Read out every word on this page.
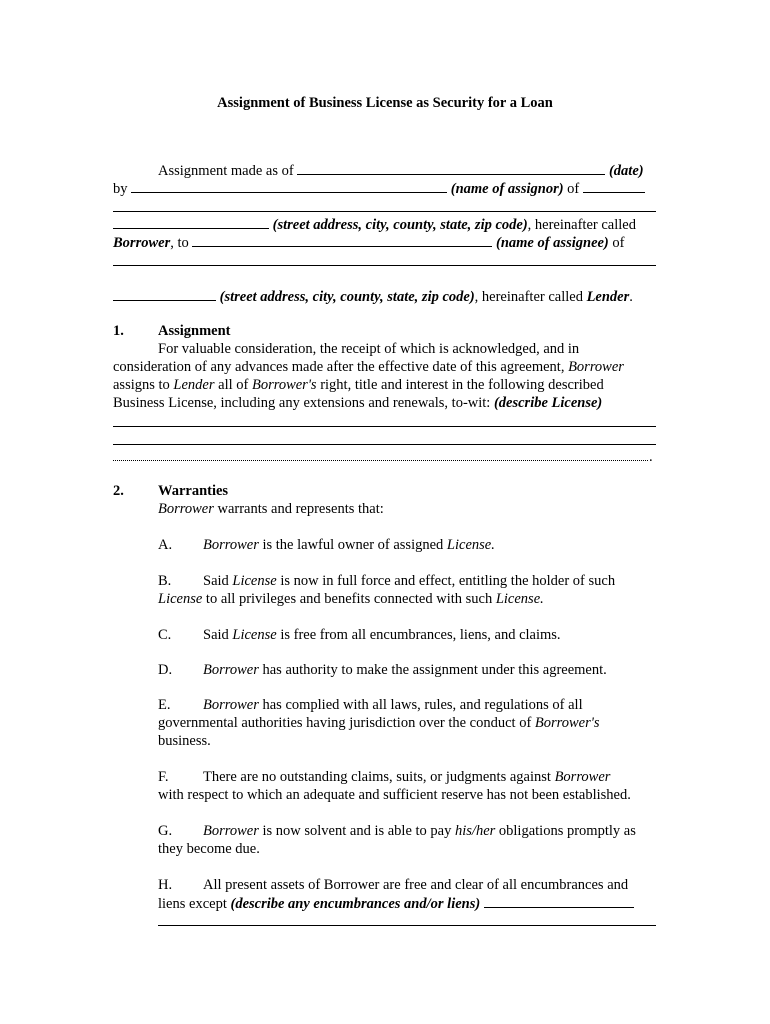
Assignment of Business License as Security for a Loan
Assignment made as of	(date)
by	(name of assignor) of
(street address, city, county, state, zip code), hereinafter called
Borrower, to	(name of assignee) of
(street address, city, county, state, zip code), hereinafter called Lender.
1. Assignment
For valuable consideration, the receipt of which is acknowledged, and in
consideration of any advances made after the effective date of this agreement, Borrower
assigns to Lender all of Borrower's right, title and interest in the following described
Business License, including any extensions and renewals, to-wit: (describe License)
.
2. Warranties
Borrower warrants and represents that:
A. Borrower is the lawful owner of assigned License.
B. Said License is now in full force and effect, entitling the holder of such
License to all privileges and benefits connected with such License.
C. Said License is free from all encumbrances, liens, and claims.
D. Borrower has authority to make the assignment under this agreement.
E. Borrower has complied with all laws, rules, and regulations of all
governmental authorities having jurisdiction over the conduct of Borrower's
business.
F. There are no outstanding claims, suits, or judgments against Borrower
with respect to which an adequate and sufficient reserve has not been established.
G. Borrower is now solvent and is able to pay his/her obligations promptly as
they become due.
H. All present assets of Borrower are free and clear of all encumbrances and
liens except (describe any encumbrances and/or liens)
